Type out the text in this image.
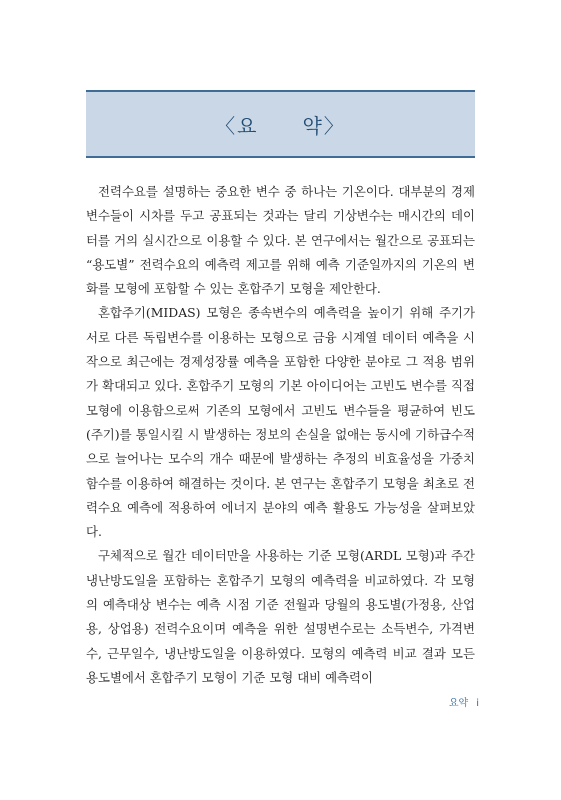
〈요　　약〉

전력수요를 설명하는 중요한 변수 중 하나는 기온이다. 대부분의 경제 변수들이 시차를 두고 공표되는 것과는 달리 기상변수는 매시간의 데이터를 거의 실시간으로 이용할 수 있다. 본 연구에서는 월간으로 공표되는 “용도별” 전력수요의 예측력 제고를 위해 예측 기준일까지의 기온의 변화를 모형에 포함할 수 있는 혼합주기 모형을 제안한다.

혼합주기(MIDAS) 모형은 종속변수의 예측력을 높이기 위해 주기가 서로 다른 독립변수를 이용하는 모형으로 금융 시계열 데이터 예측을 시작으로 최근에는 경제성장률 예측을 포함한 다양한 분야로 그 적용 범위가 확대되고 있다. 혼합주기 모형의 기본 아이디어는 고빈도 변수를 직접 모형에 이용함으로써 기존의 모형에서 고빈도 변수들을 평균하여 빈도(주기)를 통일시킬 시 발생하는 정보의 손실을 없애는 동시에 기하급수적으로 늘어나는 모수의 개수 때문에 발생하는 추정의 비효율성을 가중치 함수를 이용하여 해결하는 것이다. 본 연구는 혼합주기 모형을 최초로 전력수요 예측에 적용하여 에너지 분야의 예측 활용도 가능성을 살펴보았다.

구체적으로 월간 데이터만을 사용하는 기준 모형(ARDL 모형)과 주간 냉난방도일을 포함하는 혼합주기 모형의 예측력을 비교하였다. 각 모형의 예측대상 변수는 예측 시점 기준 전월과 당월의 용도별(가정용, 산업용, 상업용) 전력수요이며 예측을 위한 설명변수로는 소득변수, 가격변수, 근무일수, 냉난방도일을 이용하였다. 모형의 예측력 비교 결과 모든 용도별에서 혼합주기 모형이 기준 모형 대비 예측력이

요약 i
